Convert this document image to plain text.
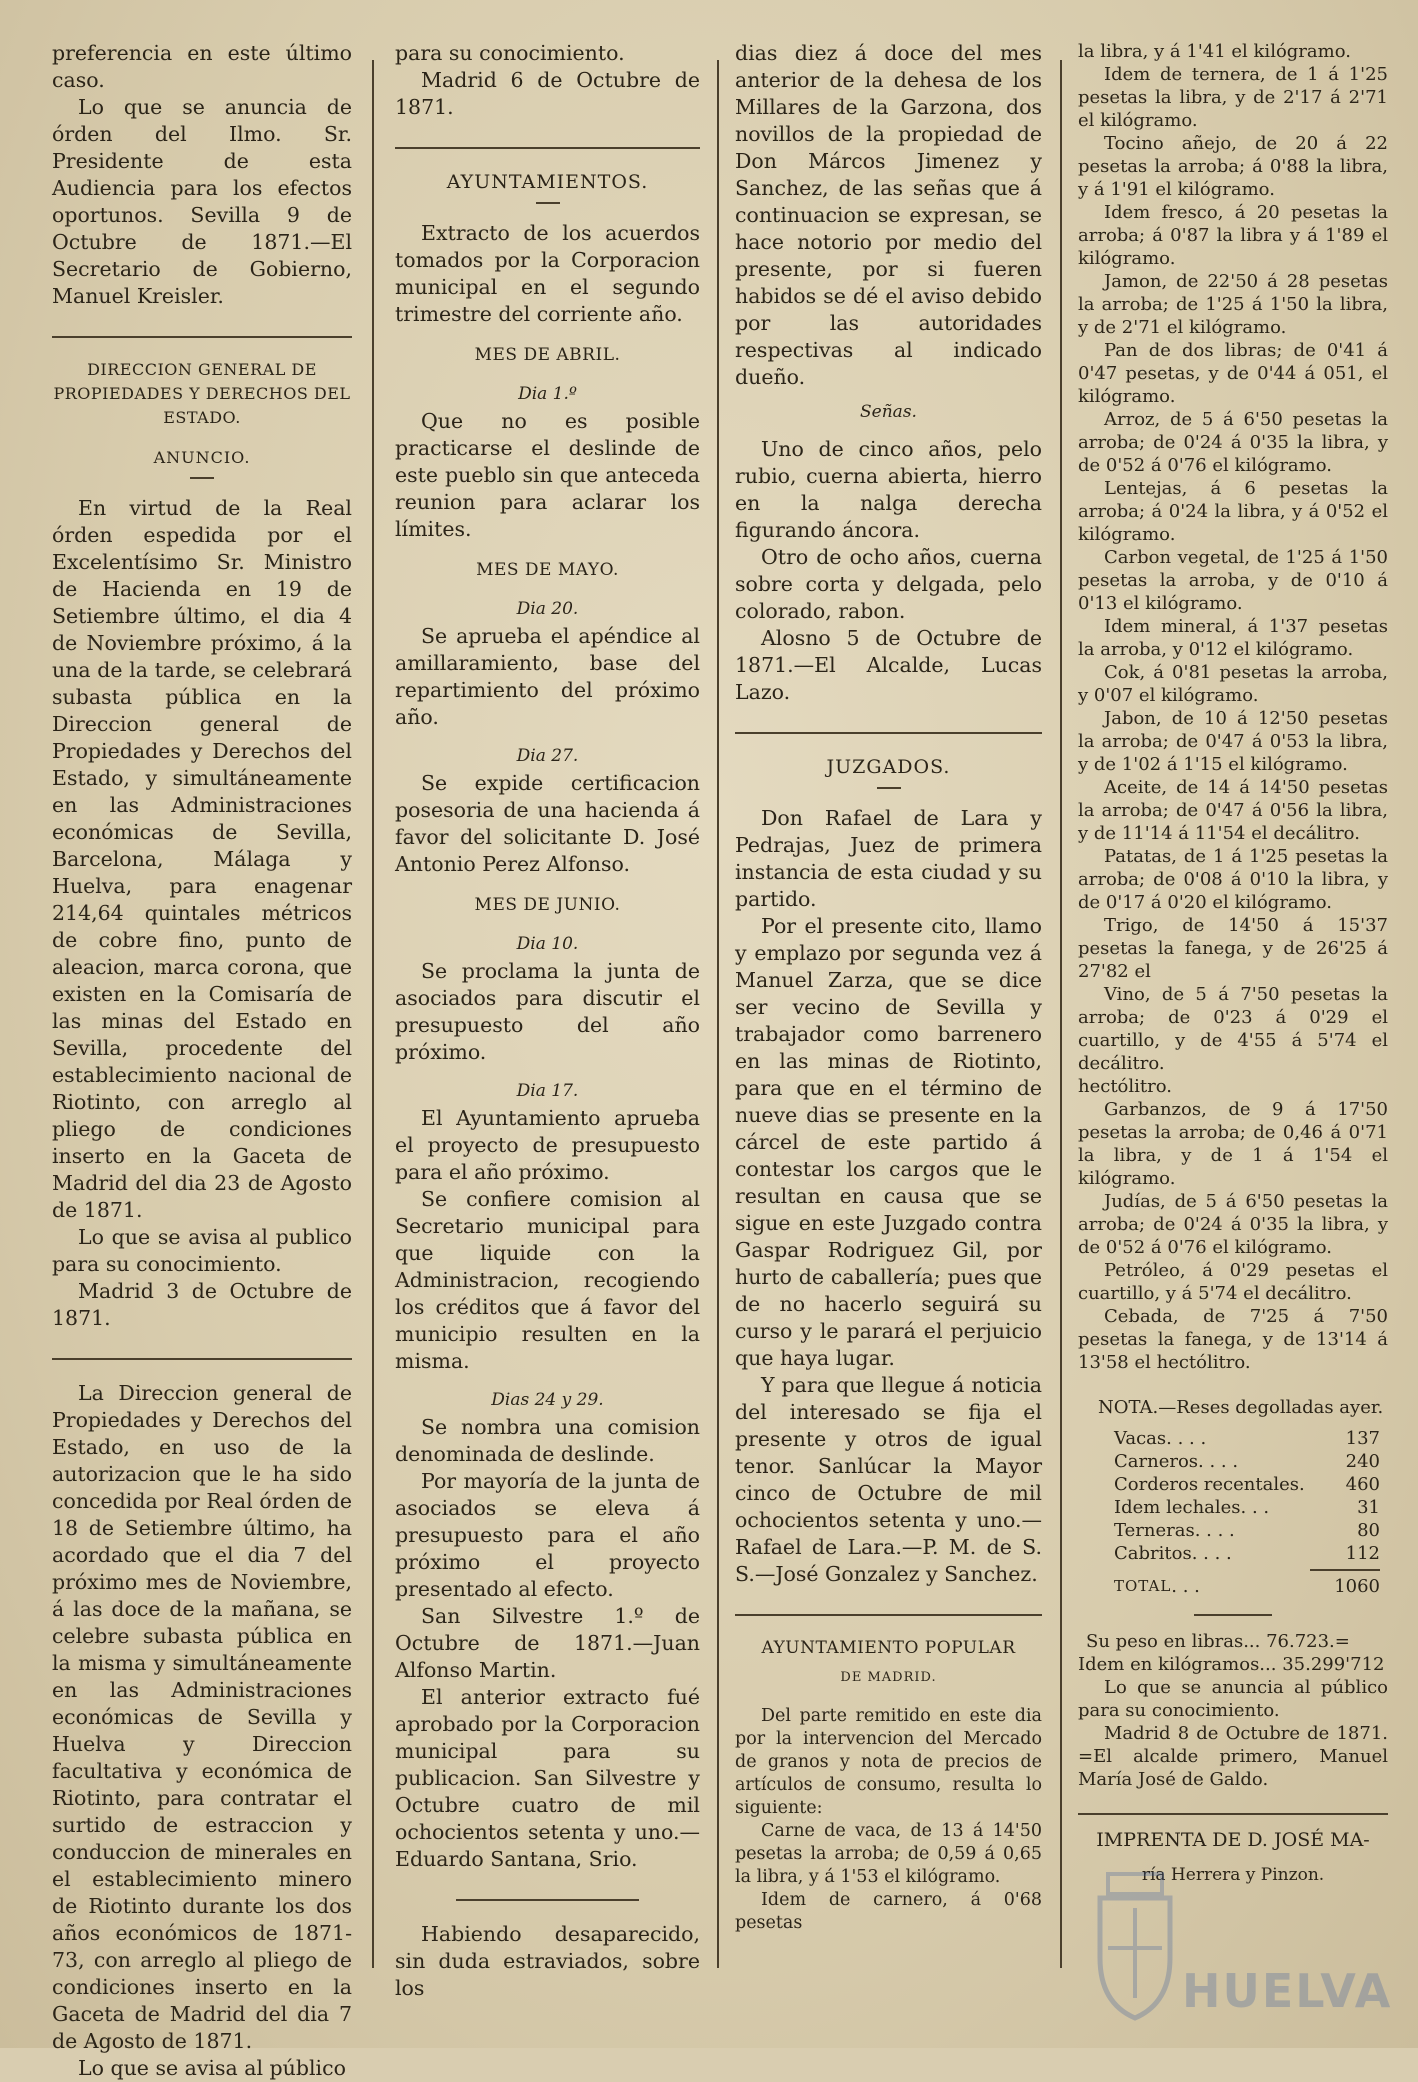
preferencia en este último caso.

Lo que se anuncia de órden del Ilmo. Sr. Presidente de esta Audiencia para los efectos oportunos. Sevilla 9 de Octubre de 1871.—El Secretario de Gobierno, Manuel Kreisler.

DIRECCION GENERAL DE PROPIEDADES Y DERECHOS DEL ESTADO.
ANUNCIO.

En virtud de la Real órden espedida por el Excelentísimo Sr. Ministro de Hacienda en 19 de Setiembre último, el dia 4 de Noviembre próximo, á la una de la tarde, se celebrará subasta pública en la Direccion general de Propiedades y Derechos del Estado, y simultáneamente en las Administraciones económicas de Sevilla, Barcelona, Málaga y Huelva, para enagenar 214,64 quintales métricos de cobre fino, punto de aleacion, marca corona, que existen en la Comisaría de las minas del Estado en Sevilla, procedente del establecimiento nacional de Riotinto, con arreglo al pliego de condiciones inserto en la Gaceta de Madrid del dia 23 de Agosto de 1871.

Lo que se avisa al publico para su conocimiento.

Madrid 3 de Octubre de 1871.

La Direccion general de Propiedades y Derechos del Estado, en uso de la autorizacion que le ha sido concedida por Real órden de 18 de Setiembre último, ha acordado que el dia 7 del próximo mes de Noviembre, á las doce de la mañana, se celebre subasta pública en la misma y simultáneamente en las Administraciones económicas de Sevilla y Huelva y Direccion facultativa y económica de Riotinto, para contratar el surtido de estraccion y conduccion de minerales en el establecimiento minero de Riotinto durante los dos años económicos de 1871-73, con arreglo al pliego de condiciones inserto en la Gaceta de Madrid del dia 7 de Agosto de 1871.

Lo que se avisa al público

para su conocimiento.

Madrid 6 de Octubre de 1871.

AYUNTAMIENTOS.

Extracto de los acuerdos tomados por la Corporacion municipal en el segundo trimestre del corriente año.

MES DE ABRIL.
Dia 1.º

Que no es posible practicarse el deslinde de este pueblo sin que anteceda reunion para aclarar los límites.

MES DE MAYO.
Dia 20.

Se aprueba el apéndice al amillaramiento, base del repartimiento del próximo año.

Dia 27.

Se expide certificacion posesoria de una hacienda á favor del solicitante D. José Antonio Perez Alfonso.

MES DE JUNIO.
Dia 10.

Se proclama la junta de asociados para discutir el presupuesto del año próximo.

Dia 17.

El Ayuntamiento aprueba el proyecto de presupuesto para el año próximo.

Se confiere comision al Secretario municipal para que liquide con la Administracion, recogiendo los créditos que á favor del municipio resulten en la misma.

Dias 24 y 29.

Se nombra una comision denominada de deslinde.

Por mayoría de la junta de asociados se eleva á presupuesto para el año próximo el proyecto presentado al efecto.

San Silvestre 1.º de Octubre de 1871.—Juan Alfonso Martin.

El anterior extracto fué aprobado por la Corporacion municipal para su publicacion. San Silvestre y Octubre cuatro de mil ochocientos setenta y uno.—Eduardo Santana, Srio.

Habiendo desaparecido, sin duda estraviados, sobre los

dias diez á doce del mes anterior de la dehesa de los Millares de la Garzona, dos novillos de la propiedad de Don Márcos Jimenez y Sanchez, de las señas que á continuacion se expresan, se hace notorio por medio del presente, por si fueren habidos se dé el aviso debido por las autoridades respectivas al indicado dueño.

Señas.

Uno de cinco años, pelo rubio, cuerna abierta, hierro en la nalga derecha figurando áncora.

Otro de ocho años, cuerna sobre corta y delgada, pelo colorado, rabon.

Alosno 5 de Octubre de 1871.—El Alcalde, Lucas Lazo.

JUZGADOS.

Don Rafael de Lara y Pedrajas, Juez de primera instancia de esta ciudad y su partido.

Por el presente cito, llamo y emplazo por segunda vez á Manuel Zarza, que se dice ser vecino de Sevilla y trabajador como barrenero en las minas de Riotinto, para que en el término de nueve dias se presente en la cárcel de este partido á contestar los cargos que le resultan en causa que se sigue en este Juzgado contra Gaspar Rodriguez Gil, por hurto de caballería; pues que de no hacerlo seguirá su curso y le parará el perjuicio que haya lugar.

Y para que llegue á noticia del interesado se fija el presente y otros de igual tenor. Sanlúcar la Mayor cinco de Octubre de mil ochocientos setenta y uno.—Rafael de Lara.—P. M. de S. S.—José Gonzalez y Sanchez.

AYUNTAMIENTO POPULAR
DE MADRID.

Del parte remitido en este dia por la intervencion del Mercado de granos y nota de precios de artículos de consumo, resulta lo siguiente:

Carne de vaca, de 13 á 14'50 pesetas la arroba; de 0,59 á 0,65 la libra, y á 1'53 el kilógramo.

Idem de carnero, á 0'68 pesetas

la libra, y á 1'41 el kilógramo.

Idem de ternera, de 1 á 1'25 pesetas la libra, y de 2'17 á 2'71 el kilógramo.

Tocino añejo, de 20 á 22 pesetas la arroba; á 0'88 la libra, y á 1'91 el kilógramo.

Idem fresco, á 20 pesetas la arroba; á 0'87 la libra y á 1'89 el kilógramo.

Jamon, de 22'50 á 28 pesetas la arroba; de 1'25 á 1'50 la libra, y de 2'71 el kilógramo.

Pan de dos libras; de 0'41 á 0'47 pesetas, y de 0'44 á 051, el kilógramo.

Arroz, de 5 á 6'50 pesetas la arroba; de 0'24 á 0'35 la libra, y de 0'52 á 0'76 el kilógramo.

Lentejas, á 6 pesetas la arroba; á 0'24 la libra, y á 0'52 el kilógramo.

Carbon vegetal, de 1'25 á 1'50 pesetas la arroba, y de 0'10 á 0'13 el kilógramo.

Idem mineral, á 1'37 pesetas la arroba, y 0'12 el kilógramo.

Cok, á 0'81 pesetas la arroba, y 0'07 el kilógramo.

Jabon, de 10 á 12'50 pesetas la arroba; de 0'47 á 0'53 la libra, y de 1'02 á 1'15 el kilógramo.

Aceite, de 14 á 14'50 pesetas la arroba; de 0'47 á 0'56 la libra, y de 11'14 á 11'54 el decálitro.

Patatas, de 1 á 1'25 pesetas la arroba; de 0'08 á 0'10 la libra, y de 0'17 á 0'20 el kilógramo.

Trigo, de 14'50 á 15'37 pesetas la fanega, y de 26'25 á 27'82 el

Vino, de 5 á 7'50 pesetas la arroba; de 0'23 á 0'29 el cuartillo, y de 4'55 á 5'74 el decálitro.

hectólitro.

Garbanzos, de 9 á 17'50 pesetas la arroba; de 0,46 á 0'71 la libra, y de 1 á 1'54 el kilógramo.

Judías, de 5 á 6'50 pesetas la arroba; de 0'24 á 0'35 la libra, y de 0'52 á 0'76 el kilógramo.

Petróleo, á 0'29 pesetas el cuartillo, y á 5'74 el decálitro.

Cebada, de 7'25 á 7'50 pesetas la fanega, y de 13'14 á 13'58 el hectólitro.

NOTA.—Reses degolladas ayer.

Vacas . . . .	137
Carneros . . . .	240
Corderos recentales .	460
Idem lechales . . .	31
Terneras . . . .	80
Cabritos . . . .	112
TOTAL . . .	1060

Su peso en libras... 76.723.=

Idem en kilógramos... 35.299'712

Lo que se anuncia al público para su conocimiento.

Madrid 8 de Octubre de 1871. =El alcalde primero, Manuel María José de Galdo.

IMPRENTA DE D. JOSÉ MA-
ría Herrera y Pinzon.
HUELVA
